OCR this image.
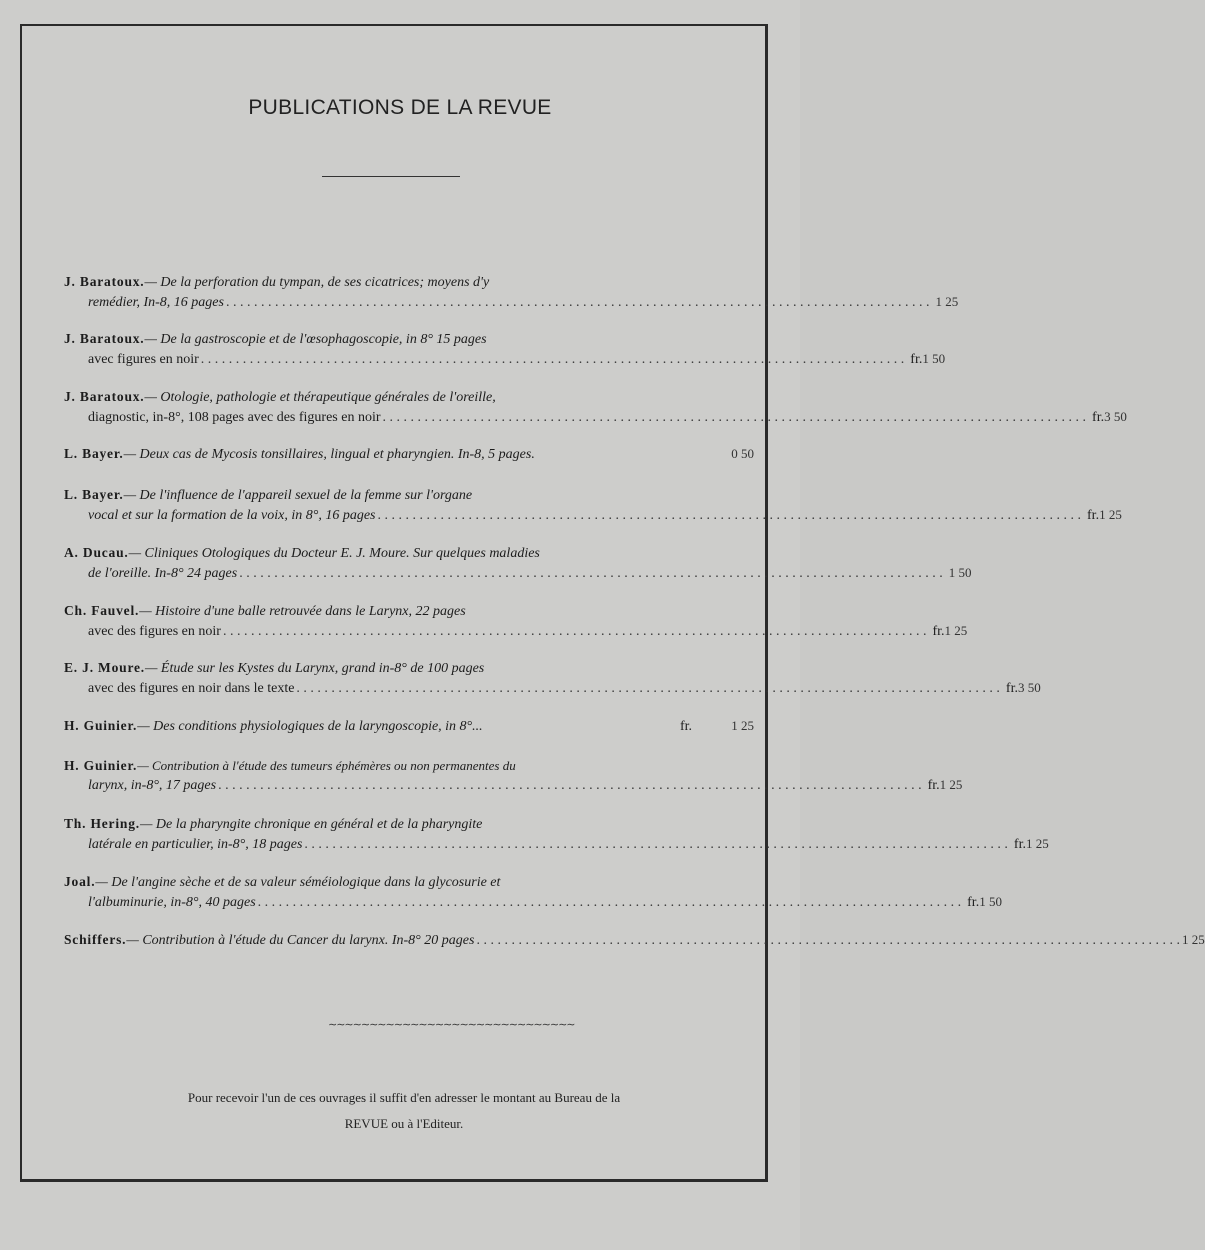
PUBLICATIONS DE LA REVUE
J. Baratoux. — De la perforation du tympan, de ses cicatrices; moyens d'y
remédier, In-8, 16 pages . . .	1 25
J. Baratoux. — De la gastroscopie et de l'œsophagoscopie, in 8° 15 pages
avec figures en noir . . .	fr. 1 50
J. Baratoux. — Otologie, pathologie et thérapeutique générales de l'oreille,
diagnostic, in-8°, 108 pages avec des figures en noir . . .	fr. 3 50
L. Bayer. — Deux cas de Mycosis tonsillaires, lingual et pharyngien. In-8, 5 pages.	0 50
L. Bayer. — De l'influence de l'appareil sexuel de la femme sur l'organe
vocal et sur la formation de la voix, in 8°, 16 pages . . .	fr. 1 25
A. Ducau. — Cliniques Otologiques du Docteur E. J. Moure. Sur quelques maladies
de l'oreille. In-8° 24 pages . . .	1 50
Ch. Fauvel. — Histoire d'une balle retrouvée dans le Larynx, 22 pages
avec des figures en noir . . .	fr. 1 25
E. J. Moure. — Étude sur les Kystes du Larynx, grand in-8° de 100 pages
avec des figures en noir dans le texte . . .	fr. 3 50
H. Guinier. — Des conditions physiologiques de la laryngoscopie, in 8°...	fr.	1 25
H. Guinier. — Contribution à l'étude des tumeurs éphémères ou non permanentes du
larynx, in-8°, 17 pages . . .	fr. 1 25
Th. Hering. — De la pharyngite chronique en général et de la pharyngite
latérale en particulier, in-8°, 18 pages . . .	fr. 1 25
Joal. — De l'angine sèche et de sa valeur séméiologique dans la glycosurie et
l'albuminurie, in-8°, 40 pages . . .	fr. 1 50
Schiffers. — Contribution à l'étude du Cancer du larynx. In-8° 20 pages . . .	1 25
∼∼∼∼∼∼∼∼∼∼∼∼∼∼∼∼∼∼∼∼∼∼∼∼∼∼∼∼∼∼
Pour recevoir l'un de ces ouvrages il suffit d'en adresser le montant au Bureau de la
REVUE ou à l'Editeur.
